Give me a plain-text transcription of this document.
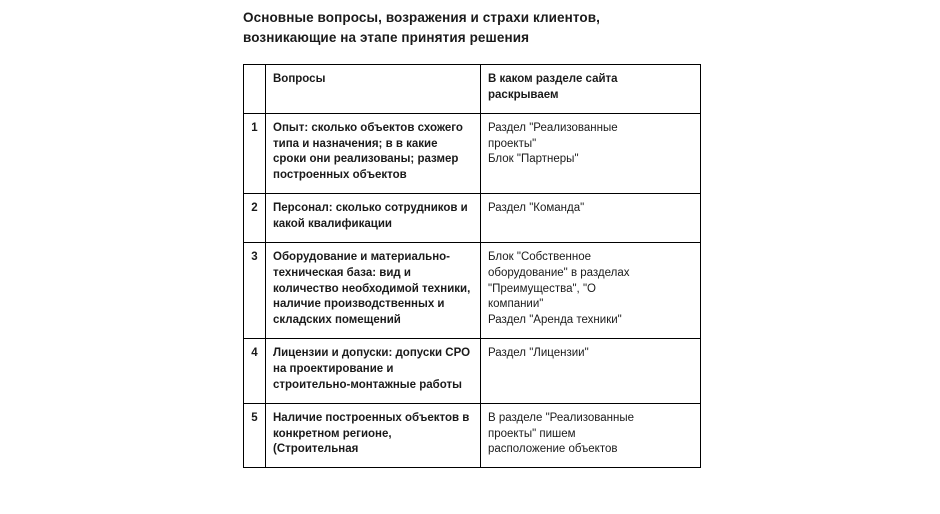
Основные вопросы, возражения и страхи клиентов,
возникающие на этапе принятия решения
	Вопросы	В каком разделе сайта
раскрываем

1	Опыт: сколько объектов схожего типа и назначения; в в какие сроки они реализованы; размер построенных объектов	Раздел "Реализованные
проекты"
Блок "Партнеры"

2	Персонал: сколько сотрудников и какой квалификации	Раздел "Команда"

3	Оборудование и материально-техническая база: вид и количество необходимой техники, наличие производственных и складских помещений	Блок "Собственное
оборудование" в разделах
"Преимущества", "О
компании"
Раздел "Аренда техники"

4	Лицензии и допуски: допуски СРО на проектирование и строительно-монтажные работы	Раздел "Лицензии"

5	Наличие построенных объектов в конкретном регионе, (Строительная	В разделе "Реализованные
проекты" пишем
расположение объектов
